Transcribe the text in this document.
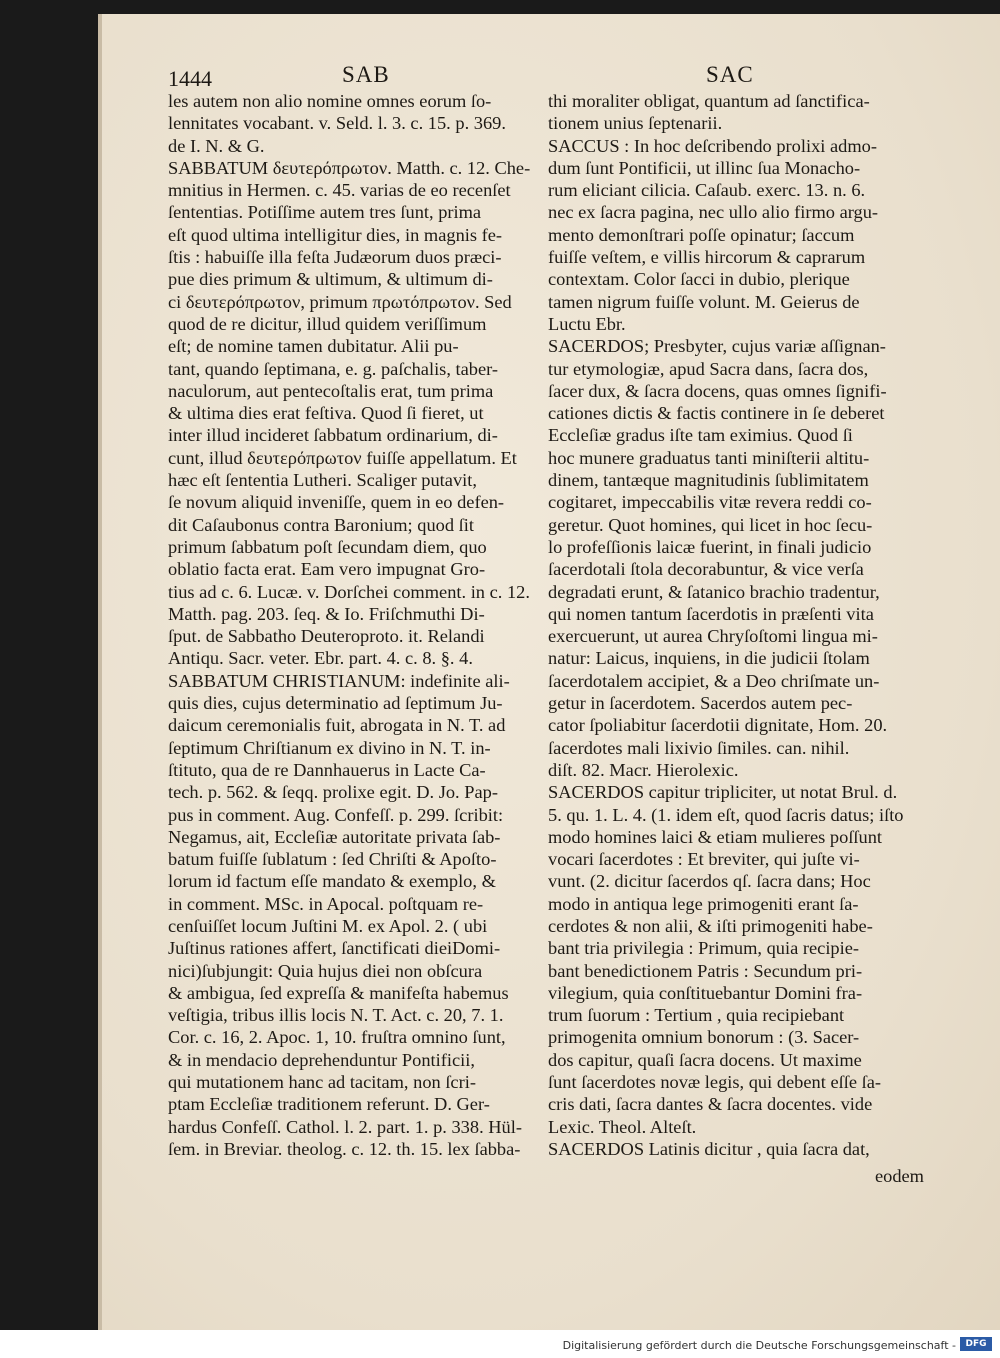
1444	SAB	SAC
les autem non alio nomine omnes eorum ſo-
lennitates vocabant. v. Seld. l. 3. c. 15. p. 369.
de I. N. & G.
SABBATUM δευτερόπρωτον. Matth. c. 12. Che-
mnitius in Hermen. c. 45. varias de eo recenſet
ſententias. Potiſſime autem tres ſunt, prima
eſt quod ultima intelligitur dies, in magnis fe-
ſtis : habuiſſe illa feſta Judæorum duos præci-
pue dies primum & ultimum, & ultimum di-
ci δευτερόπρωτον, primum πρωτόπρωτον. Sed
quod de re dicitur, illud quidem veriſſimum
eſt; de nomine tamen dubitatur. Alii pu-
tant, quando ſeptimana, e. g. paſchalis, taber-
naculorum, aut pentecoſtalis erat, tum prima
& ultima dies erat feſtiva. Quod ſi fieret, ut
inter illud incideret ſabbatum ordinarium, di-
cunt, illud δευτερόπρωτον fuiſſe appellatum. Et
hæc eſt ſententia Lutheri. Scaliger putavit,
ſe novum aliquid inveniſſe, quem in eo defen-
dit Caſaubonus contra Baronium; quod ſit
primum ſabbatum poſt ſecundam diem, quo
oblatio facta erat. Eam vero impugnat Gro-
tius ad c. 6. Lucæ. v. Dorſchei comment. in c. 12.
Matth. pag. 203. ſeq. & Io. Friſchmuthi Di-
ſput. de Sabbatho Deuteroproto. it. Relandi
Antiqu. Sacr. veter. Ebr. part. 4. c. 8. §. 4.
SABBATUM CHRISTIANUM: indefinite ali-
quis dies, cujus determinatio ad ſeptimum Ju-
daicum ceremonialis fuit, abrogata in N. T. ad
ſeptimum Chriſtianum ex divino in N. T. in-
ſtituto, qua de re Dannhauerus in Lacte Ca-
tech. p. 562. & ſeqq. prolixe egit. D. Jo. Pap-
pus in comment. Aug. Confeſſ. p. 299. ſcribit:
Negamus, ait, Eccleſiæ autoritate privata ſab-
batum fuiſſe ſublatum : ſed Chriſti & Apoſto-
lorum id factum eſſe mandato & exemplo, &
in comment. MSc. in Apocal. poſtquam re-
cenſuiſſet locum Juſtini M. ex Apol. 2. ( ubi
Juſtinus rationes affert, ſanctificati dieiDomi-
nici)ſubjungit: Quia hujus diei non obſcura
& ambigua, ſed expreſſa & manifeſta habemus
veſtigia, tribus illis locis N. T. Act. c. 20, 7. 1.
Cor. c. 16, 2. Apoc. 1, 10. fruſtra omnino ſunt,
& in mendacio deprehenduntur Pontificii,
qui mutationem hanc ad tacitam, non ſcri-
ptam Eccleſiæ traditionem referunt. D. Ger-
hardus Confeſſ. Cathol. l. 2. part. 1. p. 338. Hül-
ſem. in Breviar. theolog. c. 12. th. 15. lex ſabba-
thi moraliter obligat, quantum ad ſanctifica-
tionem unius ſeptenarii.
SACCUS : In hoc deſcribendo prolixi admo-
dum ſunt Pontificii, ut illinc ſua Monacho-
rum eliciant cilicia. Caſaub. exerc. 13. n. 6.
nec ex ſacra pagina, nec ullo alio firmo argu-
mento demonſtrari poſſe opinatur; ſaccum
fuiſſe veſtem, e villis hircorum & caprarum
contextam. Color ſacci in dubio, plerique
tamen nigrum fuiſſe volunt. M. Geierus de
Luctu Ebr.
SACERDOS; Presbyter, cujus variæ aſſignan-
tur etymologiæ, apud Sacra dans, ſacra dos,
ſacer dux, & ſacra docens, quas omnes ſignifi-
cationes dictis & factis continere in ſe deberet
Eccleſiæ gradus iſte tam eximius. Quod ſi
hoc munere graduatus tanti miniſterii altitu-
dinem, tantæque magnitudinis ſublimitatem
cogitaret, impeccabilis vitæ revera reddi co-
geretur. Quot homines, qui licet in hoc ſecu-
lo profeſſionis laicæ fuerint, in finali judicio
ſacerdotali ſtola decorabuntur, & vice verſa
degradati erunt, & ſatanico brachio tradentur,
qui nomen tantum ſacerdotis in præſenti vita
exercuerunt, ut aurea Chryſoſtomi lingua mi-
natur: Laicus, inquiens, in die judicii ſtolam
ſacerdotalem accipiet, & a Deo chriſmate un-
getur in ſacerdotem. Sacerdos autem pec-
cator ſpoliabitur ſacerdotii dignitate, Hom. 20.
ſacerdotes mali lixivio ſimiles. can. nihil.
diſt. 82. Macr. Hierolexic.
SACERDOS capitur tripliciter, ut notat Brul. d.
5. qu. 1. L. 4. (1. idem eſt, quod ſacris datus; iſto
modo homines laici & etiam mulieres poſſunt
vocari ſacerdotes : Et breviter, qui juſte vi-
vunt. (2. dicitur ſacerdos qſ. ſacra dans; Hoc
modo in antiqua lege primogeniti erant ſa-
cerdotes & non alii, & iſti primogeniti habe-
bant tria privilegia : Primum, quia recipie-
bant benedictionem Patris : Secundum pri-
vilegium, quia conſtituebantur Domini fra-
trum ſuorum : Tertium , quia recipiebant
primogenita omnium bonorum : (3. Sacer-
dos capitur, quaſi ſacra docens. Ut maxime
ſunt ſacerdotes novæ legis, qui debent eſſe ſa-
cris dati, ſacra dantes & ſacra docentes. vide
Lexic. Theol. Alteſt.
SACERDOS Latinis dicitur , quia ſacra dat,
eodem
Digitalisierung gefördert durch die Deutsche Forschungsgemeinschaft -	DFG
